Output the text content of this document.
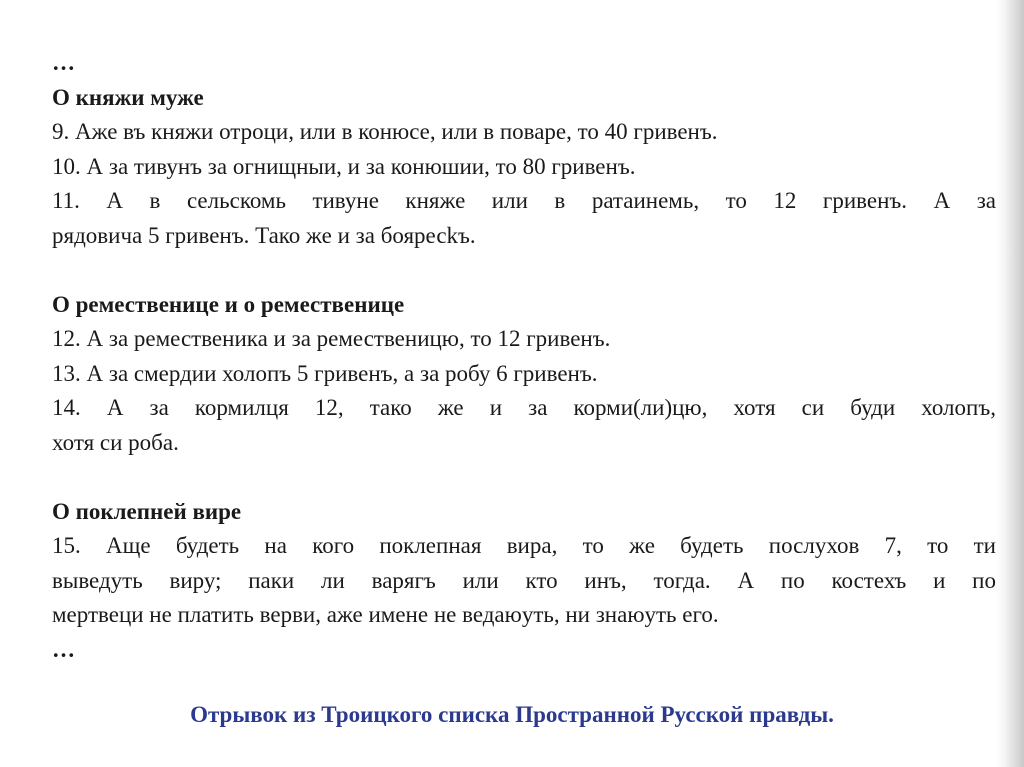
…

О княжи муже

9. Аже въ княжи отроци, или в конюсе, или в поваре, то 40 гривенъ.

10. А за тивунъ за огнищныи, и за конюшии, то 80 гривенъ.

11. А в сельскомь тивуне княже или в ратаинемь, то 12 гривенъ. А за

рядовича 5 гривенъ. Тако же и за бояресkъ.

О ремественице и о ремественице

12. А за ремественика и за ремественицю, то 12 гривенъ.

13. А за смердии холопъ 5 гривенъ, а за робу 6 гривенъ.

14. А за кормилця 12, тако же и за корми(ли)цю, хотя си буди холопъ,

хотя си роба.

О поклепней вире

15. Аще будеть на кого поклепная вира, то же будеть послухов 7, то ти

выведуть виру; паки ли варягъ или кто инъ, тогда. А по костехъ и по

мертвеци не платить верви, аже имене не ведаюуть, ни знаюуть его.

…

Отрывок из Троицкого списка Пространной Русской правды.
